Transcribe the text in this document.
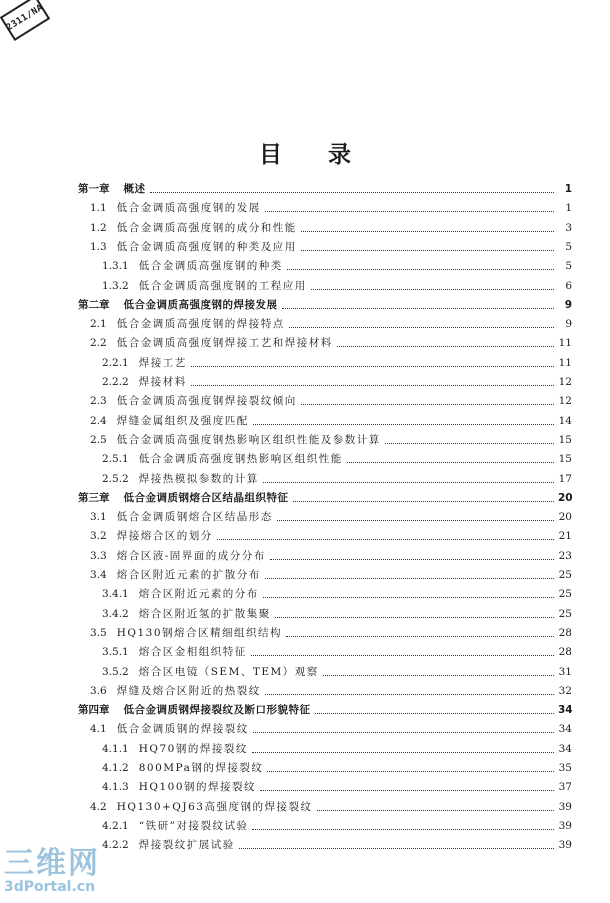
2311/NA
目录
第一章 概述	1
1.1 低合金调质高强度钢的发展	1
1.2 低合金调质高强度钢的成分和性能	3
1.3 低合金调质高强度钢的种类及应用	5
1.3.1 低合金调质高强度钢的种类	5
1.3.2 低合金调质高强度钢的工程应用	6
第二章 低合金调质高强度钢的焊接发展	9
2.1 低合金调质高强度钢的焊接特点	9
2.2 低合金调质高强度钢焊接工艺和焊接材料	11
2.2.1 焊接工艺	11
2.2.2 焊接材料	12
2.3 低合金调质高强度钢焊接裂纹倾向	12
2.4 焊缝金属组织及强度匹配	14
2.5 低合金调质高强度钢热影响区组织性能及参数计算	15
2.5.1 低合金调质高强度钢热影响区组织性能	15
2.5.2 焊接热模拟参数的计算	17
第三章 低合金调质钢熔合区结晶组织特征	20
3.1 低合金调质钢熔合区结晶形态	20
3.2 焊接熔合区的划分	21
3.3 熔合区液-固界面的成分分布	23
3.4 熔合区附近元素的扩散分布	25
3.4.1 熔合区附近元素的分布	25
3.4.2 熔合区附近氢的扩散集聚	25
3.5 HQ130钢熔合区精细组织结构	28
3.5.1 熔合区金相组织特征	28
3.5.2 熔合区电镜（SEM、TEM）观察	31
3.6 焊缝及熔合区附近的热裂纹	32
第四章 低合金调质钢焊接裂纹及断口形貌特征	34
4.1 低合金调质钢的焊接裂纹	34
4.1.1 HQ70钢的焊接裂纹	34
4.1.2 800MPa钢的焊接裂纹	35
4.1.3 HQ100钢的焊接裂纹	37
4.2 HQ130+QJ63高强度钢的焊接裂纹	39
4.2.1 “铁研”对接裂纹试验	39
4.2.2 焊接裂纹扩展试验	39
三维网
3dPortal.cn
